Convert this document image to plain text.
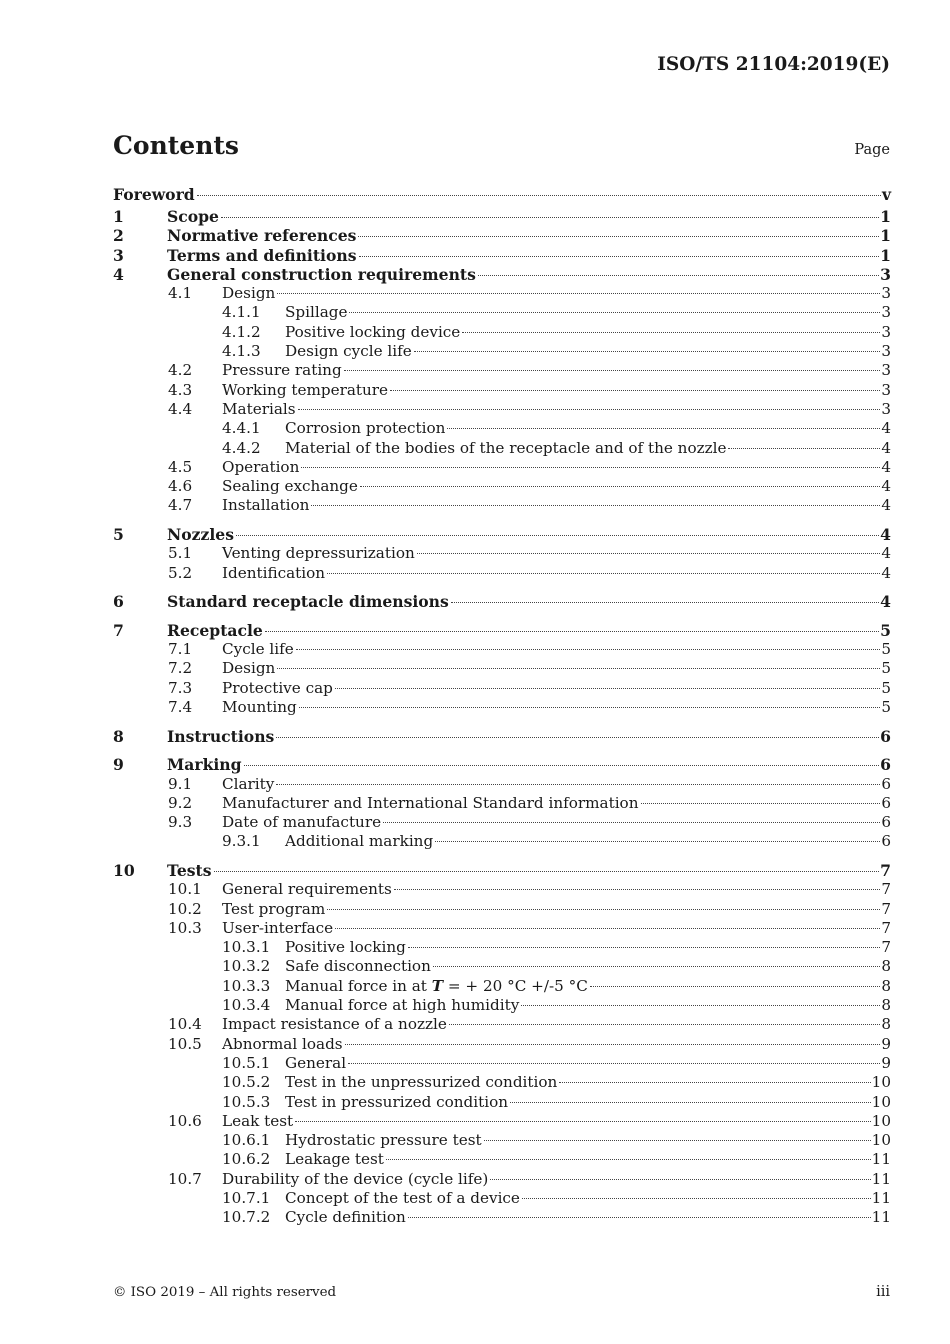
ISO/TS 21104:2019(E)
Contents	Page
Foreword	v
1	Scope	1
2	Normative references	1
3	Terms and definitions	1
4	General construction requirements	3
4.1 Design	3
4.1.1 Spillage	3
4.1.2 Positive locking device	3
4.1.3 Design cycle life	3
4.2 Pressure rating	3
4.3 Working temperature	3
4.4 Materials	3
4.4.1 Corrosion protection	4
4.4.2 Material of the bodies of the receptacle and of the nozzle	4
4.5 Operation	4
4.6 Sealing exchange	4
4.7 Installation	4
5	Nozzles	4
5.1 Venting depressurization	4
5.2 Identification	4
6	Standard receptacle dimensions	4
7	Receptacle	5
7.1 Cycle life	5
7.2 Design	5
7.3 Protective cap	5
7.4 Mounting	5
8	Instructions	6
9	Marking	6
9.1 Clarity	6
9.2 Manufacturer and International Standard information	6
9.3 Date of manufacture	6
9.3.1 Additional marking	6
10 Tests	7
10.1 General requirements	7
10.2 Test program	7
10.3 User-interface	7
10.3.1 Positive locking	7
10.3.2 Safe disconnection	8
10.3.3 Manual force in at T = + 20 °C +/-5 °C	8
10.3.4 Manual force at high humidity	8
10.4 Impact resistance of a nozzle	8
10.5 Abnormal loads	9
10.5.1 General	9
10.5.2 Test in the unpressurized condition	10
10.5.3 Test in pressurized condition	10
10.6 Leak test	10
10.6.1 Hydrostatic pressure test	10
10.6.2 Leakage test	11
10.7 Durability of the device (cycle life)	11
10.7.1 Concept of the test of a device	11
10.7.2 Cycle definition	11
© ISO 2019 – All rights reserved	iii
